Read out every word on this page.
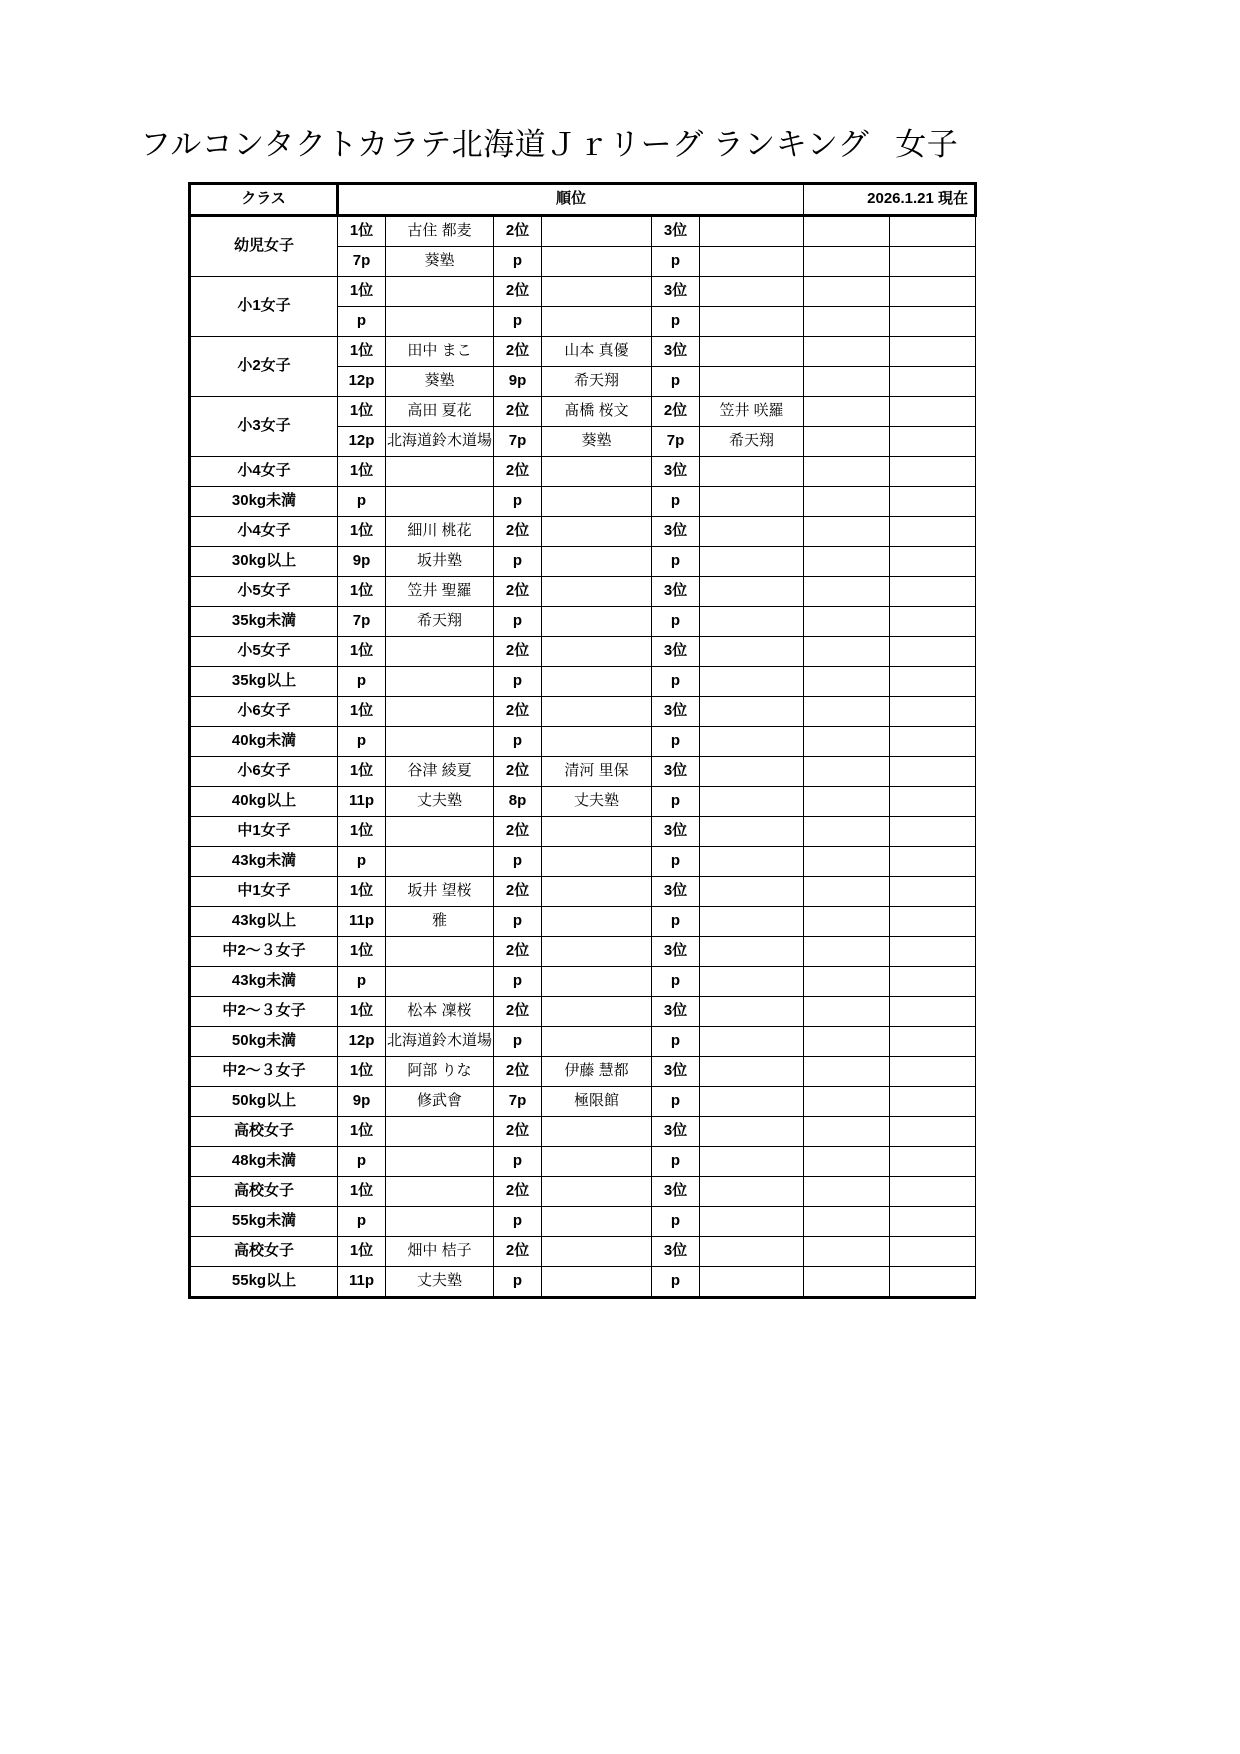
フルコンタクトカラテ北海道Ｊｒリーグ ランキング 女子
クラス	順位						2026.1.21 現在	

幼児女子	1位	古住 都麦	2位		3位			
	7p	葵塾	p		p			

小1女子	1位		2位		3位			
	p		p		p			

小2女子	1位	田中 まこ	2位	山本 真優	3位			
	12p	葵塾	9p	希天翔	p			

小3女子	1位	高田 夏花	2位	髙橋 桜文	2位	笠井 咲羅		
	12p	北海道鈴木道場	7p	葵塾	7p	希天翔		

小4女子	1位		2位		3位			
30kg未満	p		p		p			

小4女子	1位	細川 桃花	2位		3位			
30kg以上	9p	坂井塾	p		p			

小5女子	1位	笠井 聖羅	2位		3位			
35kg未満	7p	希天翔	p		p			

小5女子	1位		2位		3位			
35kg以上	p		p		p			

小6女子	1位		2位		3位			
40kg未満	p		p		p			

小6女子	1位	谷津 綾夏	2位	清河 里保	3位			
40kg以上	11p	丈夫塾	8p	丈夫塾	p			

中1女子	1位		2位		3位			
43kg未満	p		p		p			

中1女子	1位	坂井 望桜	2位		3位			
43kg以上	11p	雅	p		p			

中2〜３女子	1位		2位		3位			
43kg未満	p		p		p			

中2〜３女子	1位	松本 凜桜	2位		3位			
50kg未満	12p	北海道鈴木道場	p		p			

中2〜３女子	1位	阿部 りな	2位	伊藤 慧都	3位			
50kg以上	9p	修武會	7p	極限館	p			

高校女子	1位		2位		3位			
48kg未満	p		p		p			

高校女子	1位		2位		3位			
55kg未満	p		p		p			

高校女子	1位	畑中 桔子	2位		3位			
55kg以上	11p	丈夫塾	p		p			
